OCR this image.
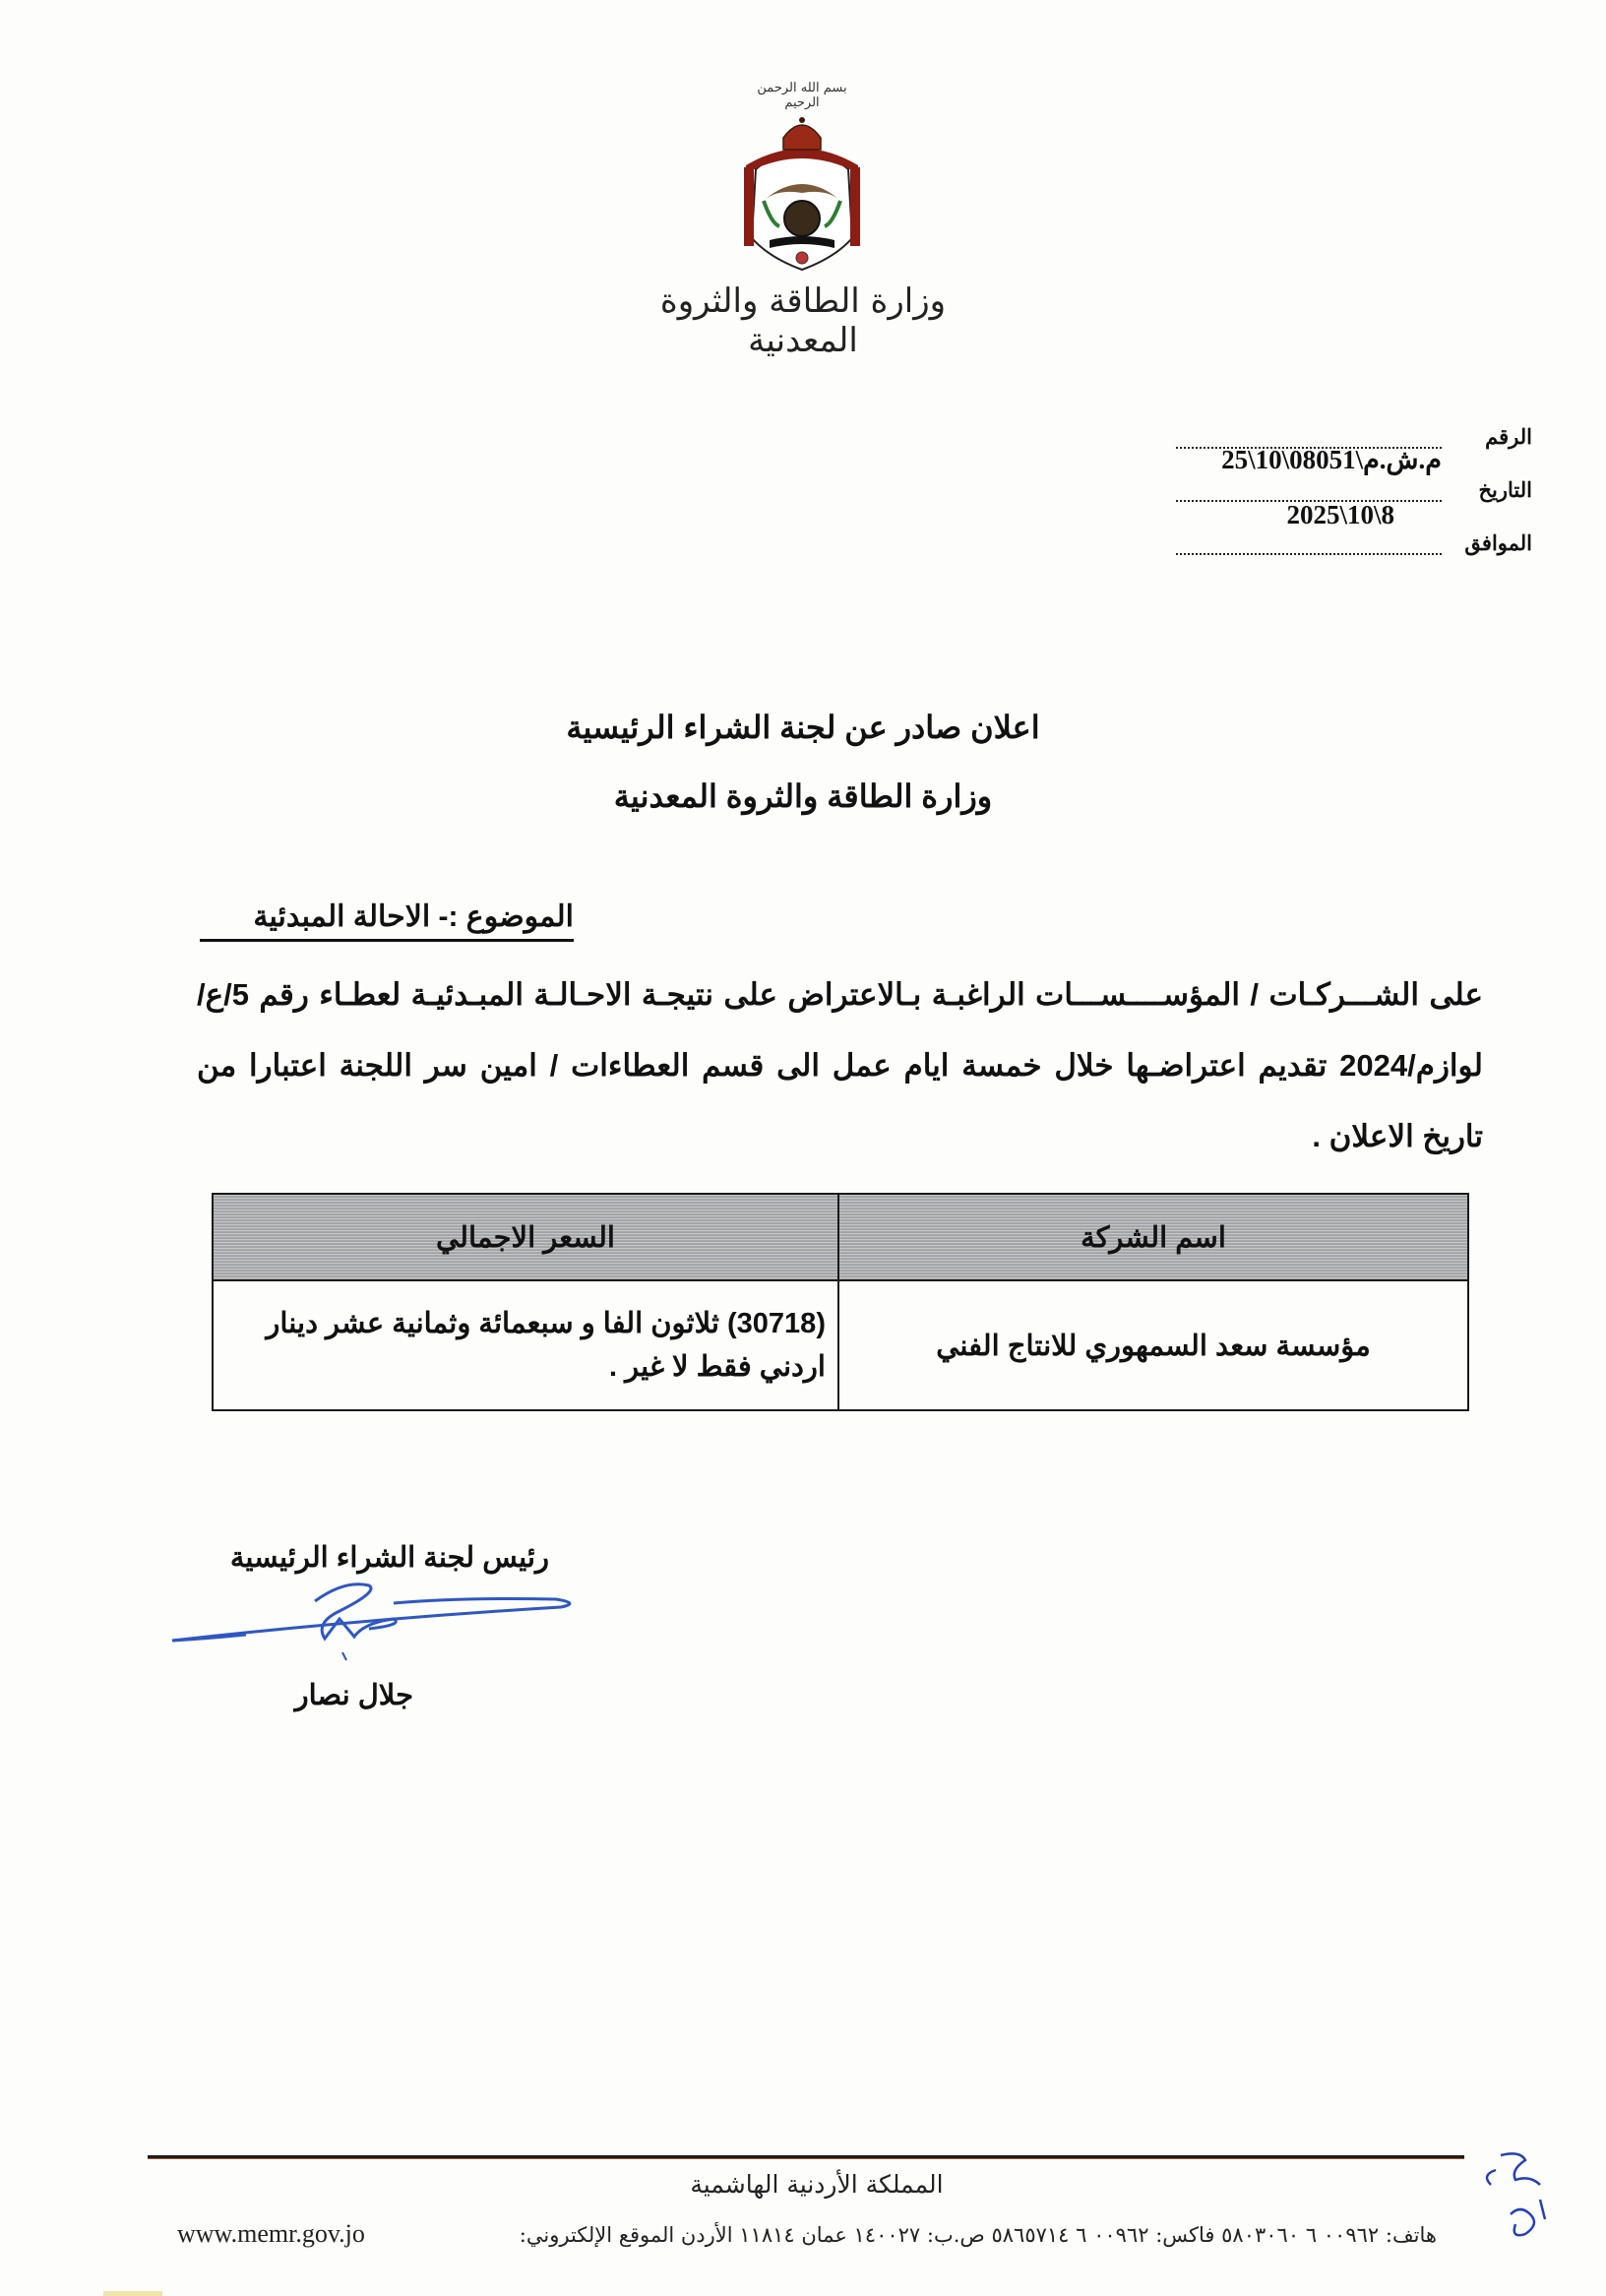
بسم الله الرحمن الرحيم
وزارة الطاقة والثروة المعدنية
الرقم
م.ش.م\08051\10\25
التاريخ
2025\10\8
الموافق
اعلان صادر عن لجنة الشراء الرئيسية
وزارة الطاقة والثروة المعدنية
الموضوع :- الاحالة المبدئية
على الشـــركـات / المؤســــســـات الراغبـة بـالاعتراض على نتيجـة الاحـالـة المبـدئيـة لعطـاء رقم 5/ع/لوازم/2024 تقديم اعتراضـها خلال خمسة ايام عمل الى قسم العطاءات / امين سر اللجنة اعتبارا من تاريخ الاعلان .
اسم الشركة	السعر الاجمالي
مؤسسة سعد السمهوري للانتاج الفني	(30718) ثلاثون الفا و سبعمائة وثمانية عشر دينار اردني فقط لا غير .
رئيس لجنة الشراء الرئيسية
جلال نصار
المملكة الأردنية الهاشمية
www.memr.gov.jo	هاتف: ٠٠٩٦٢ ٦ ٥٨٠٣٠٦٠ فاكس: ٠٠٩٦٢ ٦ ٥٨٦٥٧١٤ ص.ب: ١٤٠٠٢٧ عمان ١١٨١٤ الأردن الموقع الإلكتروني:
